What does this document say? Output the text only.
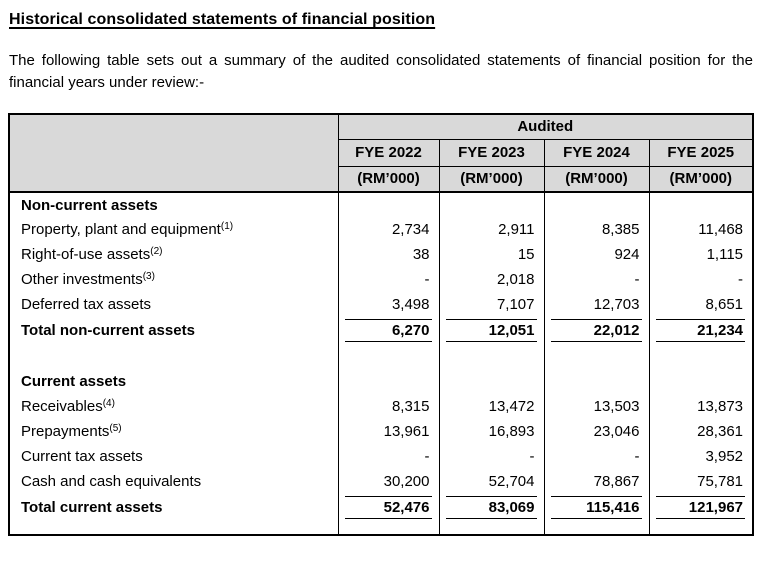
Historical consolidated statements of financial position

The following table sets out a summary of the audited consolidated statements of financial position for the financial years under review:-

	Audited			
	FYE 2022	FYE 2023	FYE 2024	FYE 2025
	(RM’000)	(RM’000)	(RM’000)	(RM’000)
Non-current assets				
Property, plant and equipment$^{(1)}$	2,734	2,911	8,385	11,468
Right-of-use assets$^{(2)}$	38	15	924	1,115
Other investments$^{(3)}$	-	2,018	-	-
Deferred tax assets	3,498	7,107	12,703	8,651
Total non-current assets	6,270	12,051	22,012	21,234

Current assets				
Receivables$^{(4)}$	8,315	13,472	13,503	13,873
Prepayments$^{(5)}$	13,961	16,893	23,046	28,361
Current tax assets	-	-	-	3,952
Cash and cash equivalents	30,200	52,704	78,867	75,781
Total current assets	52,476	83,069	115,416	121,967
